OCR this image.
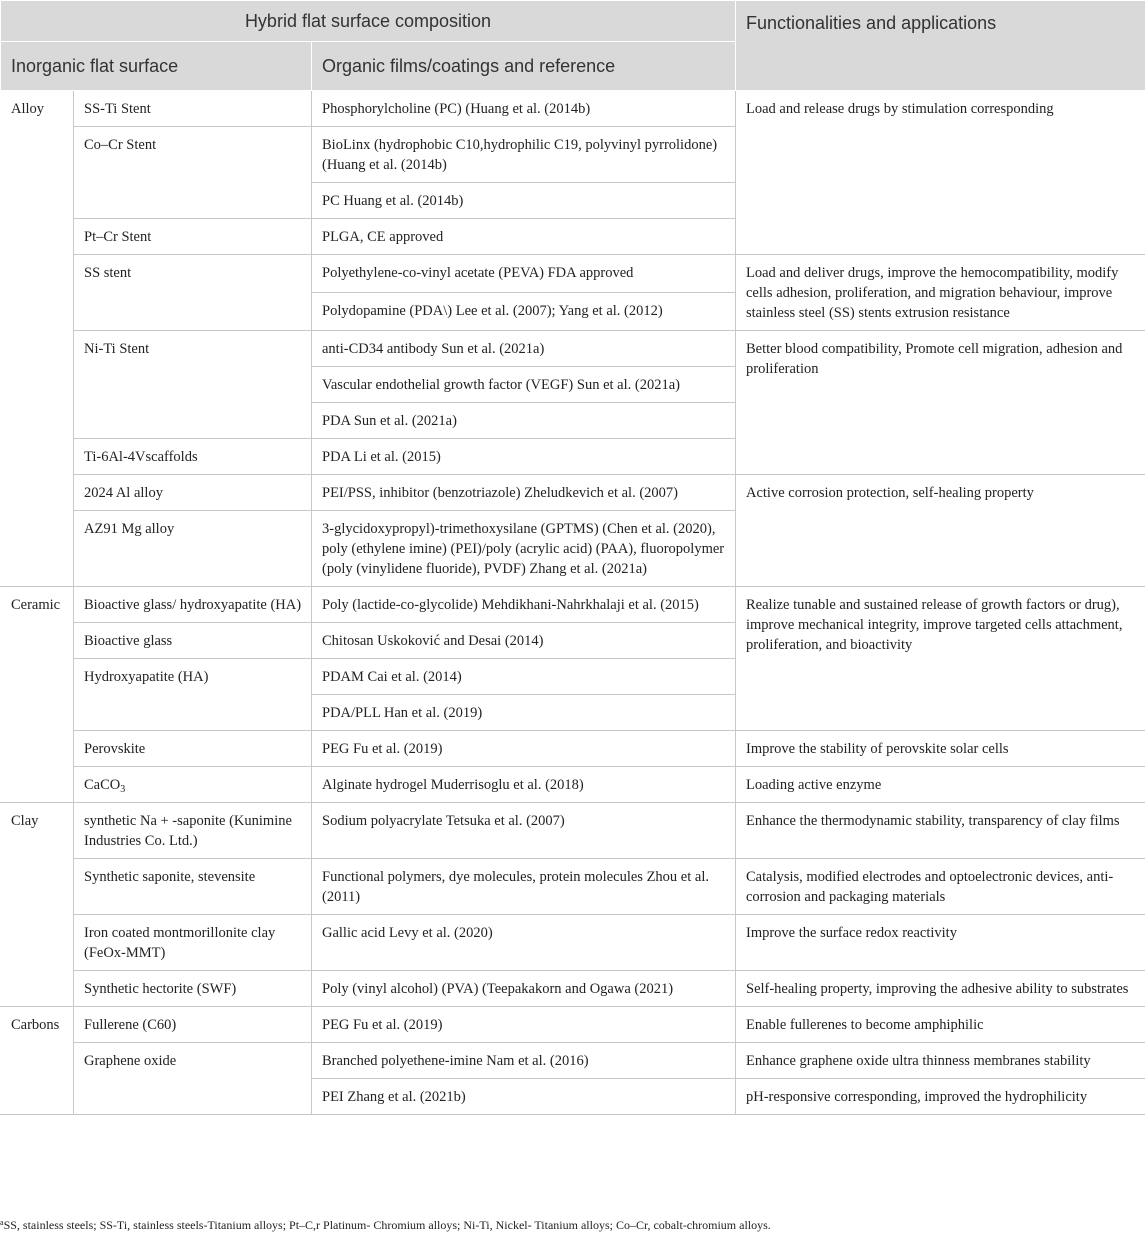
Hybrid flat surface composition			Functionalities and applications
Inorganic flat surface		Organic films/coatings and reference	
Alloy	SS-Ti Stent	Phosphorylcholine (PC) (Huang et al. (2014b)	Load and release drugs by stimulation corresponding
	Co–Cr Stent	BioLinx (hydrophobic C10,hydrophilic C19, polyvinyl pyrrolidone) (Huang et al. (2014b)	
		PC Huang et al. (2014b)	
	Pt–Cr Stent	PLGA, CE approved	
	SS stent	Polyethylene-co-vinyl acetate (PEVA) FDA approved	Load and deliver drugs, improve the hemocompatibility, modify cells adhesion, proliferation, and migration behaviour, improve stainless steel (SS) stents extrusion resistance
		Polydopamine (PDA\) Lee et al. (2007); Yang et al. (2012)	
	Ni-Ti Stent	anti-CD34 antibody Sun et al. (2021a)	Better blood compatibility, Promote cell migration, adhesion and proliferation
		Vascular endothelial growth factor (VEGF) Sun et al. (2021a)	
		PDA Sun et al. (2021a)	
	Ti-6Al-4Vscaffolds	PDA Li et al. (2015)	
	2024 Al alloy	PEI/PSS, inhibitor (benzotriazole) Zheludkevich et al. (2007)	Active corrosion protection, self-healing property
	AZ91 Mg alloy	3-glycidoxypropyl)-trimethoxysilane (GPTMS) (Chen et al. (2020), poly (ethylene imine) (PEI)/poly (acrylic acid) (PAA), fluoropolymer (poly (vinylidene fluoride), PVDF) Zhang et al. (2021a)	

Ceramic	Bioactive glass/ hydroxyapatite (HA)	Poly (lactide-co-glycolide) Mehdikhani-Nahrkhalaji et al. (2015)	Realize tunable and sustained release of growth factors or drug), improve mechanical integrity, improve targeted cells attachment, proliferation, and bioactivity
	Bioactive glass	Chitosan Uskoković and Desai (2014)	
	Hydroxyapatite (HA)	PDAM Cai et al. (2014)	
		PDA/PLL Han et al. (2019)	
	Perovskite	PEG Fu et al. (2019)	Improve the stability of perovskite solar cells
	CaCO$_3$	Alginate hydrogel Muderrisoglu et al. (2018)	Loading active enzyme
Clay	synthetic Na + -saponite (Kunimine Industries Co. Ltd.)	Sodium polyacrylate Tetsuka et al. (2007)	Enhance the thermodynamic stability, transparency of clay films
	Synthetic saponite, stevensite	Functional polymers, dye molecules, protein molecules Zhou et al. (2011)	Catalysis, modified electrodes and optoelectronic devices, anti-corrosion and packaging materials
	Iron coated montmorillonite clay (FeOx-MMT)	Gallic acid Levy et al. (2020)	Improve the surface redox reactivity
	Synthetic hectorite (SWF)	Poly (vinyl alcohol) (PVA) (Teepakakorn and Ogawa (2021)	Self-healing property, improving the adhesive ability to substrates
Carbons	Fullerene (C60)	PEG Fu et al. (2019)	Enable fullerenes to become amphiphilic
	Graphene oxide	Branched polyethene-imine Nam et al. (2016)	Enhance graphene oxide ultra thinness membranes stability
		PEI Zhang et al. (2021b)	pH-responsive corresponding, improved the hydrophilicity
$^a$SS, stainless steels; SS-Ti, stainless steels-Titanium alloys; Pt–C,r Platinum- Chromium alloys; Ni-Ti, Nickel- Titanium alloys; Co–Cr, cobalt-chromium alloys.
